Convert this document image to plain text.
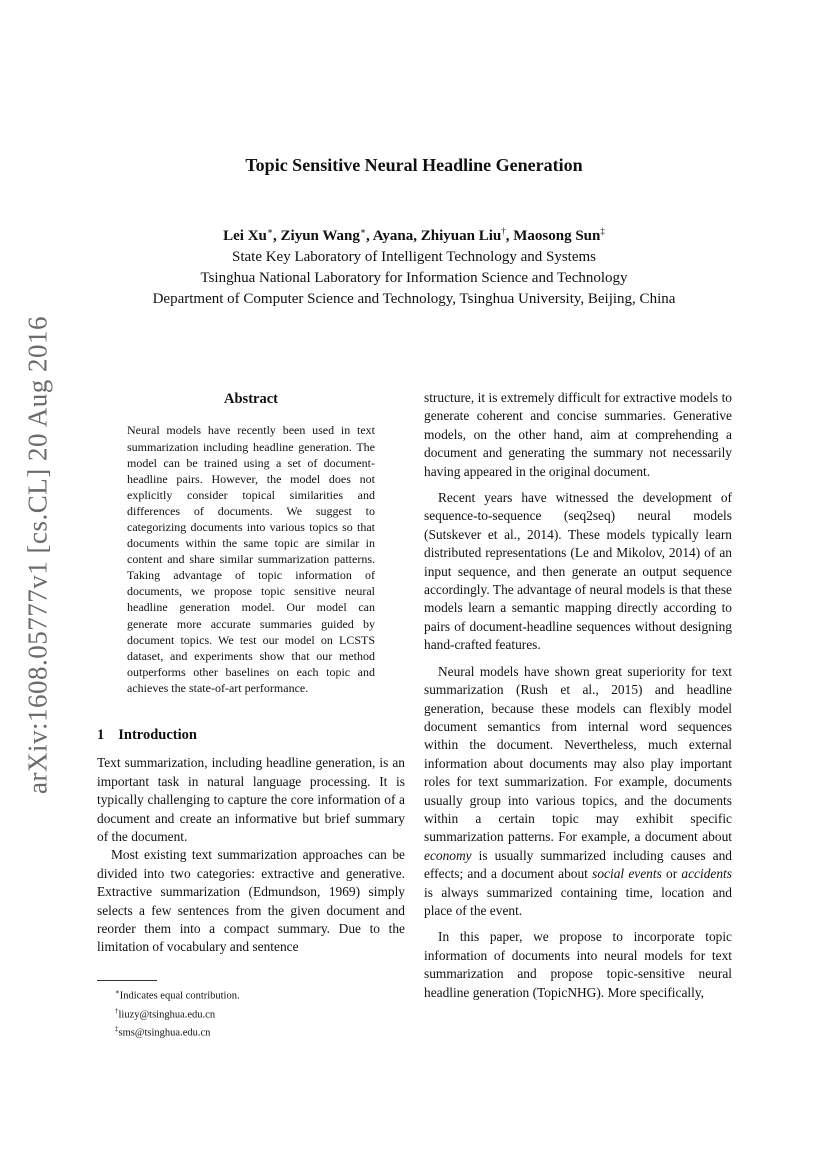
arXiv:1608.05777v1 [cs.CL] 20 Aug 2016
Topic Sensitive Neural Headline Generation
Lei Xu∗, Ziyun Wang∗, Ayana, Zhiyuan Liu†, Maosong Sun‡
State Key Laboratory of Intelligent Technology and Systems
Tsinghua National Laboratory for Information Science and Technology
Department of Computer Science and Technology, Tsinghua University, Beijing, China
Abstract
Neural models have recently been used in text summarization including headline generation. The model can be trained using a set of document-headline pairs. However, the model does not explicitly consider topical similarities and differences of documents. We suggest to categorizing documents into various topics so that documents within the same topic are similar in content and share similar summarization patterns. Taking advantage of topic information of documents, we propose topic sensitive neural headline generation model. Our model can generate more accurate summaries guided by document topics. We test our model on LCSTS dataset, and experiments show that our method outperforms other baselines on each topic and achieves the state-of-art performance.
1 Introduction

Text summarization, including headline generation, is an important task in natural language processing. It is typically challenging to capture the core information of a document and create an informative but brief summary of the document.

Most existing text summarization approaches can be divided into two categories: extractive and generative. Extractive summarization (Edmundson, 1969) simply selects a few sentences from the given document and reorder them into a compact summary. Due to the limitation of vocabulary and sentence

∗Indicates equal contribution.
†liuzy@tsinghua.edu.cn
‡sms@tsinghua.edu.cn

structure, it is extremely difficult for extractive models to generate coherent and concise summaries. Generative models, on the other hand, aim at comprehending a document and generating the summary not necessarily having appeared in the original document.

Recent years have witnessed the development of sequence-to-sequence (seq2seq) neural models (Sutskever et al., 2014). These models typically learn distributed representations (Le and Mikolov, 2014) of an input sequence, and then generate an output sequence accordingly. The advantage of neural models is that these models learn a semantic mapping directly according to pairs of document-headline sequences without designing hand-crafted features.

Neural models have shown great superiority for text summarization (Rush et al., 2015) and headline generation, because these models can flexibly model document semantics from internal word sequences within the document. Nevertheless, much external information about documents may also play important roles for text summarization. For example, documents usually group into various topics, and the documents within a certain topic may exhibit specific summarization patterns. For example, a document about economy is usually summarized including causes and effects; and a document about social events or accidents is always summarized containing time, location and place of the event.

In this paper, we propose to incorporate topic information of documents into neural models for text summarization and propose topic-sensitive neural headline generation (TopicNHG). More specifically,
